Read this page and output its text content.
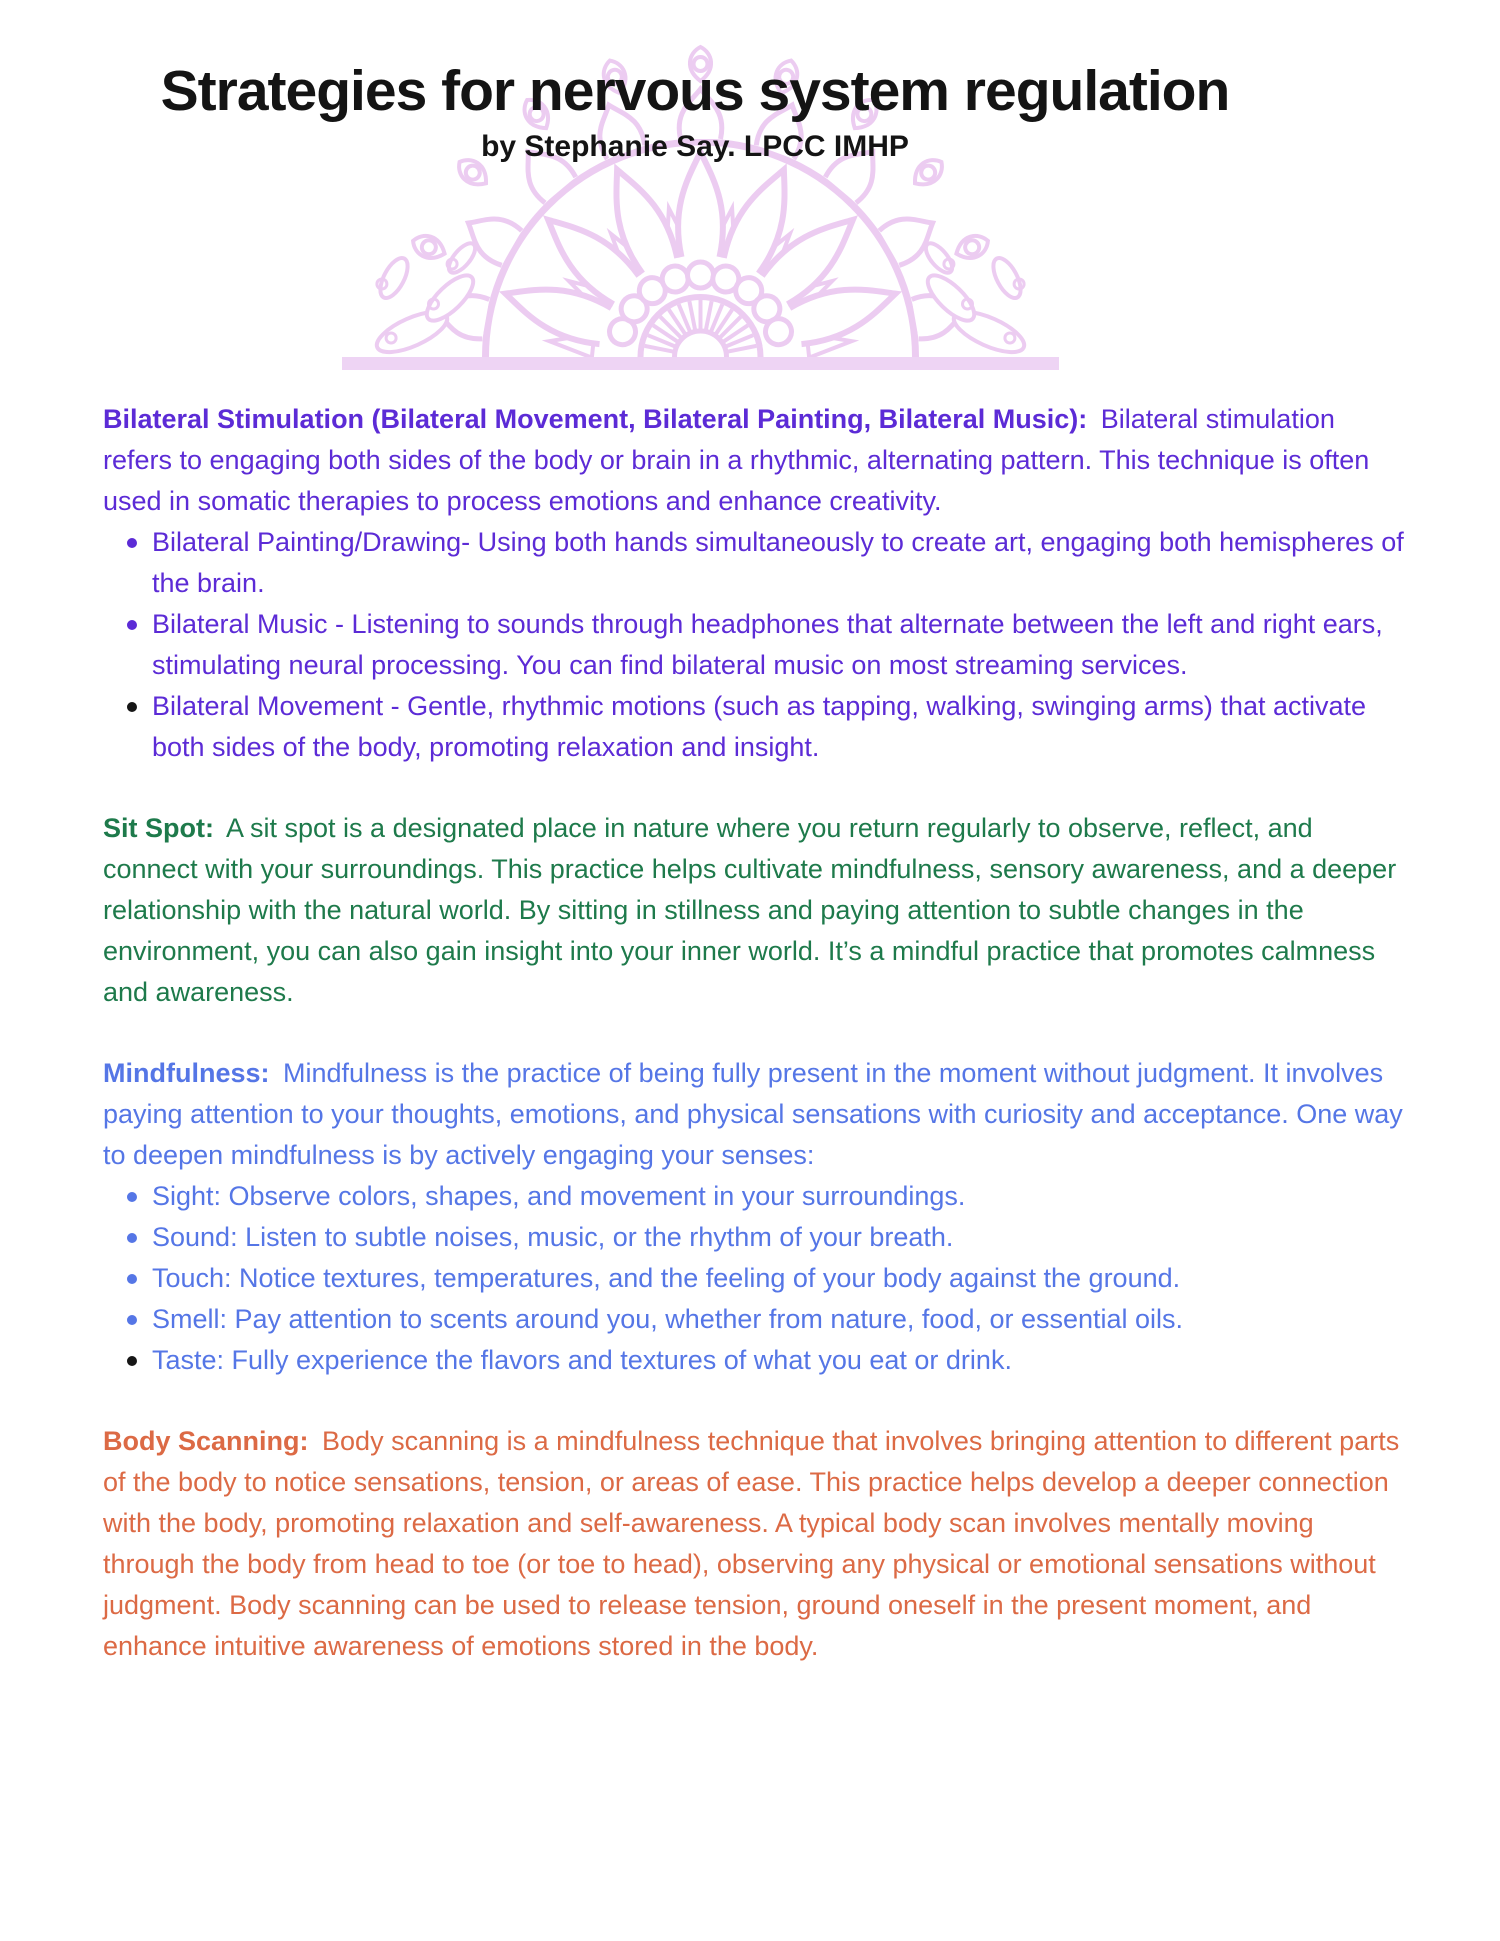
Strategies for nervous system regulation
by Stephanie Say. LPCC IMHP

Bilateral Stimulation (Bilateral Movement, Bilateral Painting, Bilateral Music): Bilateral stimulation refers to engaging both sides of the body or brain in a rhythmic, alternating pattern. This technique is often used in somatic therapies to process emotions and enhance creativity.

Bilateral Painting/Drawing- Using both hands simultaneously to create art, engaging both hemispheres of the brain.
Bilateral Music - Listening to sounds through headphones that alternate between the left and right ears, stimulating neural processing. You can find bilateral music on most streaming services.
Bilateral Movement - Gentle, rhythmic motions (such as tapping, walking, swinging arms) that activate both sides of the body, promoting relaxation and insight.

Sit Spot: A sit spot is a designated place in nature where you return regularly to observe, reflect, and connect with your surroundings. This practice helps cultivate mindfulness, sensory awareness, and a deeper relationship with the natural world. By sitting in stillness and paying attention to subtle changes in the environment, you can also gain insight into your inner world. It’s a mindful practice that promotes calmness and awareness.

Mindfulness: Mindfulness is the practice of being fully present in the moment without judgment. It involves paying attention to your thoughts, emotions, and physical sensations with curiosity and acceptance. One way to deepen mindfulness is by actively engaging your senses:

Sight: Observe colors, shapes, and movement in your surroundings.
Sound: Listen to subtle noises, music, or the rhythm of your breath.
Touch: Notice textures, temperatures, and the feeling of your body against the ground.
Smell: Pay attention to scents around you, whether from nature, food, or essential oils.
Taste: Fully experience the flavors and textures of what you eat or drink.

Body Scanning: Body scanning is a mindfulness technique that involves bringing attention to different parts of the body to notice sensations, tension, or areas of ease. This practice helps develop a deeper connection with the body, promoting relaxation and self-awareness. A typical body scan involves mentally moving through the body from head to toe (or toe to head), observing any physical or emotional sensations without judgment. Body scanning can be used to release tension, ground oneself in the present moment, and enhance intuitive awareness of emotions stored in the body.
